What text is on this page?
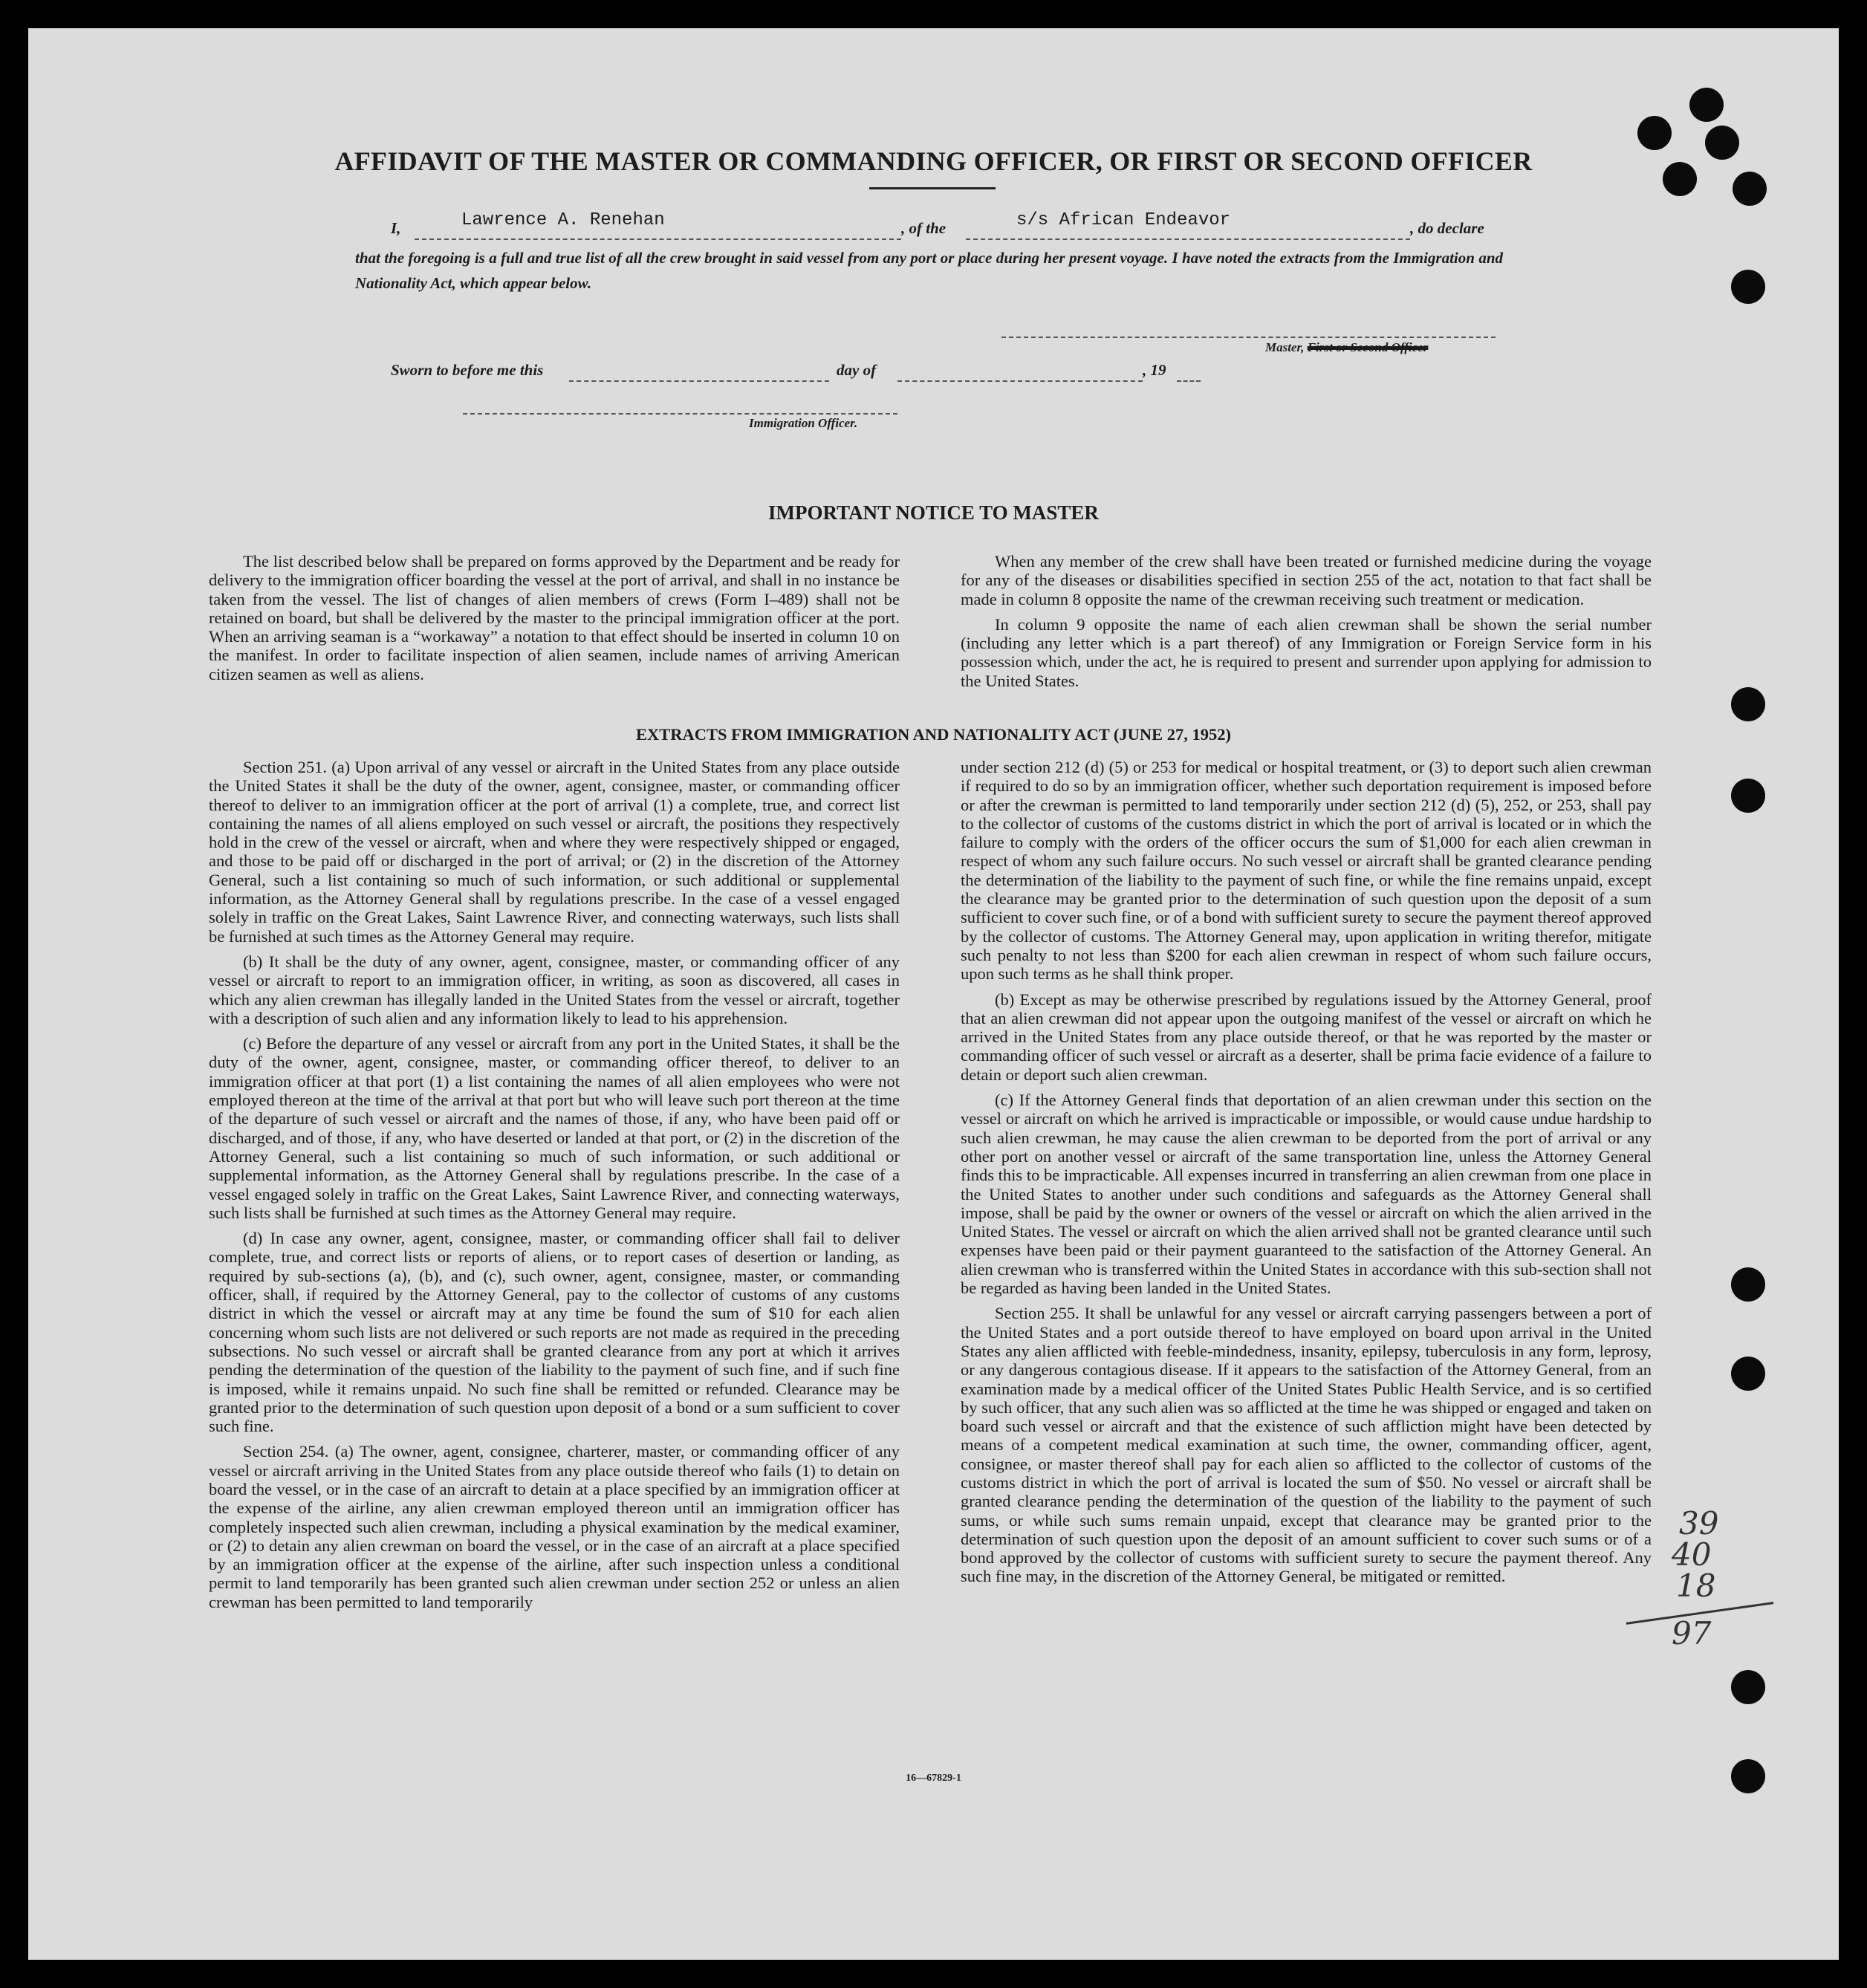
AFFIDAVIT OF THE MASTER OR COMMANDING OFFICER, OR FIRST OR SECOND OFFICER
I,	Lawrence A. Renehan	, of the	s/s African Endeavor	, do declare
that the foregoing is a full and true list of all the crew brought in said vessel from any port or place during her present voyage. I have noted the extracts from the Immigration and Nationality Act, which appear below.
Master, First or Second Officer
Sworn to before me this	day of	, 19
Immigration Officer.
IMPORTANT NOTICE TO MASTER

The list described below shall be prepared on forms approved by the Department and be ready for delivery to the immigration officer boarding the vessel at the port of arrival, and shall in no instance be taken from the vessel. The list of changes of alien members of crews (Form I–489) shall not be retained on board, but shall be delivered by the master to the principal immigration officer at the port. When an arriving seaman is a “workaway” a notation to that effect should be inserted in column 10 on the manifest. In order to facilitate inspection of alien seamen, include names of arriving American citizen seamen as well as aliens.

When any member of the crew shall have been treated or furnished medicine during the voyage for any of the diseases or disabilities specified in section 255 of the act, notation to that fact shall be made in column 8 opposite the name of the crewman receiving such treatment or medication.

In column 9 opposite the name of each alien crewman shall be shown the serial number (including any letter which is a part thereof) of any Immigration or Foreign Service form in his possession which, under the act, he is required to present and surrender upon applying for admission to the United States.

EXTRACTS FROM IMMIGRATION AND NATIONALITY ACT (JUNE 27, 1952)

Section 251. (a) Upon arrival of any vessel or aircraft in the United States from any place outside the United States it shall be the duty of the owner, agent, consignee, master, or commanding officer thereof to deliver to an immigration officer at the port of arrival (1) a complete, true, and correct list containing the names of all aliens employed on such vessel or aircraft, the positions they respectively hold in the crew of the vessel or aircraft, when and where they were respectively shipped or engaged, and those to be paid off or discharged in the port of arrival; or (2) in the discretion of the Attorney General, such a list containing so much of such information, or such additional or supplemental information, as the Attorney General shall by regulations prescribe. In the case of a vessel engaged solely in traffic on the Great Lakes, Saint Lawrence River, and connecting waterways, such lists shall be furnished at such times as the Attorney General may require.

(b) It shall be the duty of any owner, agent, consignee, master, or commanding officer of any vessel or aircraft to report to an immigration officer, in writing, as soon as discovered, all cases in which any alien crewman has illegally landed in the United States from the vessel or aircraft, together with a description of such alien and any information likely to lead to his apprehension.

(c) Before the departure of any vessel or aircraft from any port in the United States, it shall be the duty of the owner, agent, consignee, master, or commanding officer thereof, to deliver to an immigration officer at that port (1) a list containing the names of all alien employees who were not employed thereon at the time of the arrival at that port but who will leave such port thereon at the time of the departure of such vessel or aircraft and the names of those, if any, who have been paid off or discharged, and of those, if any, who have deserted or landed at that port, or (2) in the discretion of the Attorney General, such a list containing so much of such information, or such additional or supplemental information, as the Attorney General shall by regulations prescribe. In the case of a vessel engaged solely in traffic on the Great Lakes, Saint Lawrence River, and connecting waterways, such lists shall be furnished at such times as the Attorney General may require.

(d) In case any owner, agent, consignee, master, or commanding officer shall fail to deliver complete, true, and correct lists or reports of aliens, or to report cases of desertion or landing, as required by sub-sections (a), (b), and (c), such owner, agent, consignee, master, or commanding officer, shall, if required by the Attorney General, pay to the collector of customs of any customs district in which the vessel or aircraft may at any time be found the sum of $10 for each alien concerning whom such lists are not delivered or such reports are not made as required in the preceding subsections. No such vessel or aircraft shall be granted clearance from any port at which it arrives pending the determination of the question of the liability to the payment of such fine, and if such fine is imposed, while it remains unpaid. No such fine shall be remitted or refunded. Clearance may be granted prior to the determination of such question upon deposit of a bond or a sum sufficient to cover such fine.

Section 254. (a) The owner, agent, consignee, charterer, master, or commanding officer of any vessel or aircraft arriving in the United States from any place outside thereof who fails (1) to detain on board the vessel, or in the case of an aircraft to detain at a place specified by an immigration officer at the expense of the airline, any alien crewman employed thereon until an immigration officer has completely inspected such alien crewman, including a physical examination by the medical examiner, or (2) to detain any alien crewman on board the vessel, or in the case of an aircraft at a place specified by an immigration officer at the expense of the airline, after such inspection unless a conditional permit to land temporarily has been granted such alien crewman under section 252 or unless an alien crewman has been permitted to land temporarily

under section 212 (d) (5) or 253 for medical or hospital treatment, or (3) to deport such alien crewman if required to do so by an immigration officer, whether such deportation requirement is imposed before or after the crewman is permitted to land temporarily under section 212 (d) (5), 252, or 253, shall pay to the collector of customs of the customs district in which the port of arrival is located or in which the failure to comply with the orders of the officer occurs the sum of $1,000 for each alien crewman in respect of whom any such failure occurs. No such vessel or aircraft shall be granted clearance pending the determination of the liability to the payment of such fine, or while the fine remains unpaid, except the clearance may be granted prior to the determination of such question upon the deposit of a sum sufficient to cover such fine, or of a bond with sufficient surety to secure the payment thereof approved by the collector of customs. The Attorney General may, upon application in writing therefor, mitigate such penalty to not less than $200 for each alien crewman in respect of whom such failure occurs, upon such terms as he shall think proper.

(b) Except as may be otherwise prescribed by regulations issued by the Attorney General, proof that an alien crewman did not appear upon the outgoing manifest of the vessel or aircraft on which he arrived in the United States from any place outside thereof, or that he was reported by the master or commanding officer of such vessel or aircraft as a deserter, shall be prima facie evidence of a failure to detain or deport such alien crewman.

(c) If the Attorney General finds that deportation of an alien crewman under this section on the vessel or aircraft on which he arrived is impracticable or impossible, or would cause undue hardship to such alien crewman, he may cause the alien crewman to be deported from the port of arrival or any other port on another vessel or aircraft of the same transportation line, unless the Attorney General finds this to be impracticable. All expenses incurred in transferring an alien crewman from one place in the United States to another under such conditions and safeguards as the Attorney General shall impose, shall be paid by the owner or owners of the vessel or aircraft on which the alien arrived in the United States. The vessel or aircraft on which the alien arrived shall not be granted clearance until such expenses have been paid or their payment guaranteed to the satisfaction of the Attorney General. An alien crewman who is transferred within the United States in accordance with this sub-section shall not be regarded as having been landed in the United States.

Section 255. It shall be unlawful for any vessel or aircraft carrying passengers between a port of the United States and a port outside thereof to have employed on board upon arrival in the United States any alien afflicted with feeble-mindedness, insanity, epilepsy, tuberculosis in any form, leprosy, or any dangerous contagious disease. If it appears to the satisfaction of the Attorney General, from an examination made by a medical officer of the United States Public Health Service, and is so certified by such officer, that any such alien was so afflicted at the time he was shipped or engaged and taken on board such vessel or aircraft and that the existence of such affliction might have been detected by means of a competent medical examination at such time, the owner, commanding officer, agent, consignee, or master thereof shall pay for each alien so afflicted to the collector of customs of the customs district in which the port of arrival is located the sum of $50. No vessel or aircraft shall be granted clearance pending the determination of the question of the liability to the payment of such sums, or while such sums remain unpaid, except that clearance may be granted prior to the determination of such question upon the deposit of an amount sufficient to cover such sums or of a bond approved by the collector of customs with sufficient surety to secure the payment thereof. Any such fine may, in the discretion of the Attorney General, be mitigated or remitted.

16—67829-1
39
40
18
97
